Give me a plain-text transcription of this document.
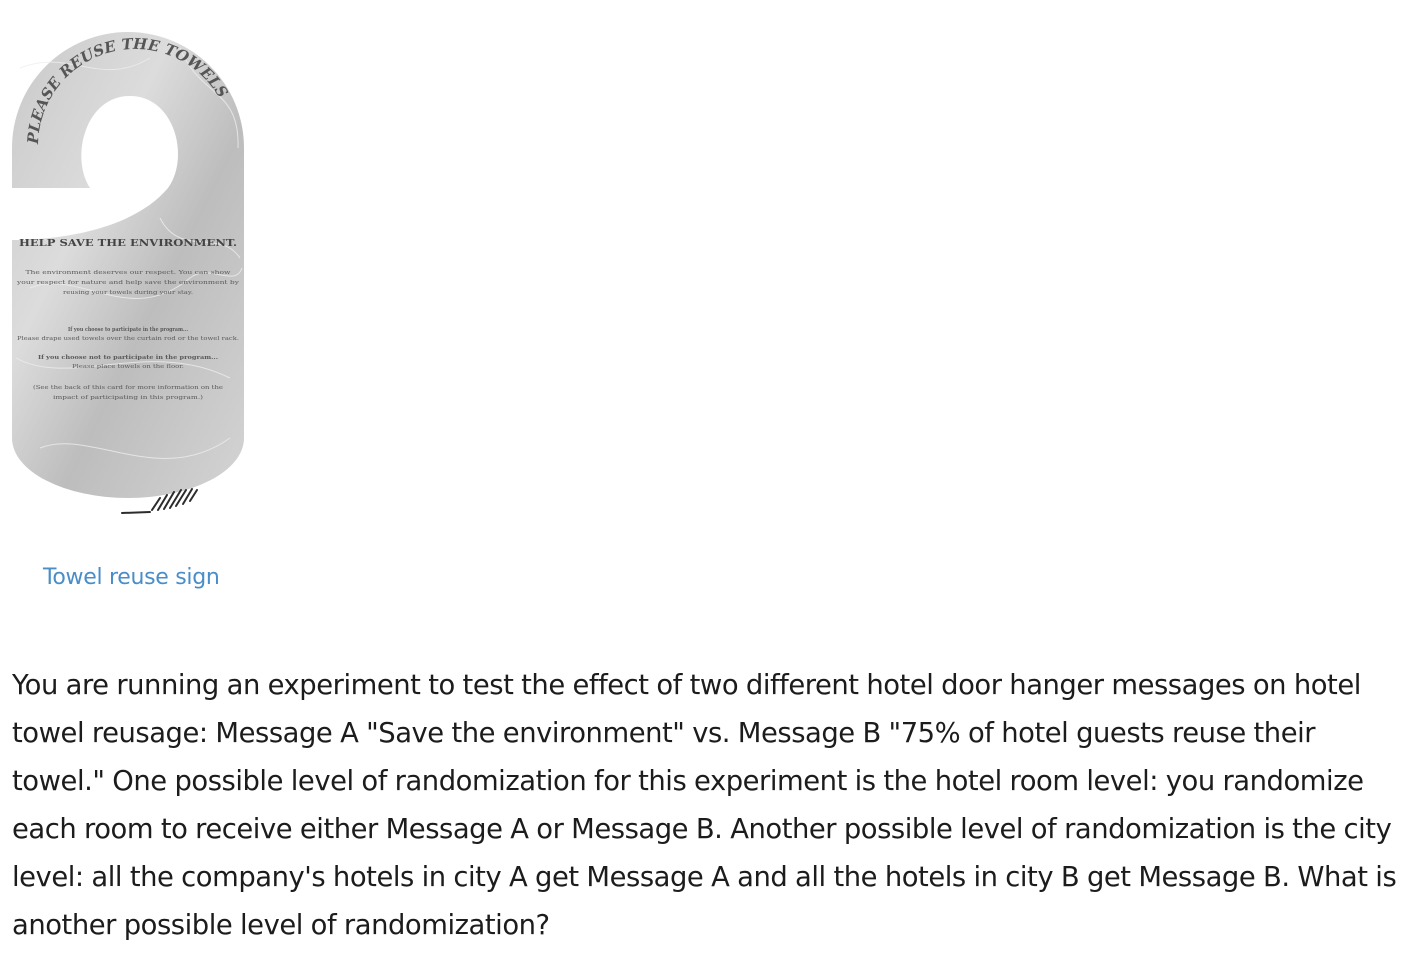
PLEASE REUSE THE TOWELS
HELP SAVE THE ENVIRONMENT.
The environment deserves our respect. You can show
your respect for nature and help save the environment by
reusing your towels during your stay.
If you choose to participate in the program...
Please drape used towels over the curtain rod or the towel rack.
If you choose not to participate in the program...
Please place towels on the floor.
(See the back of this card for more information on the
impact of participating in this program.)
Towel reuse sign

You are running an experiment to test the effect of two different hotel door hanger messages on hotel towel reusage: Message A "Save the environment" vs. Message B "75% of hotel guests reuse their towel." One possible level of randomization for this experiment is the hotel room level: you randomize each room to receive either Message A or Message B. Another possible level of randomization is the city level: all the company's hotels in city A get Message A and all the hotels in city B get Message B. What is another possible level of randomization?
